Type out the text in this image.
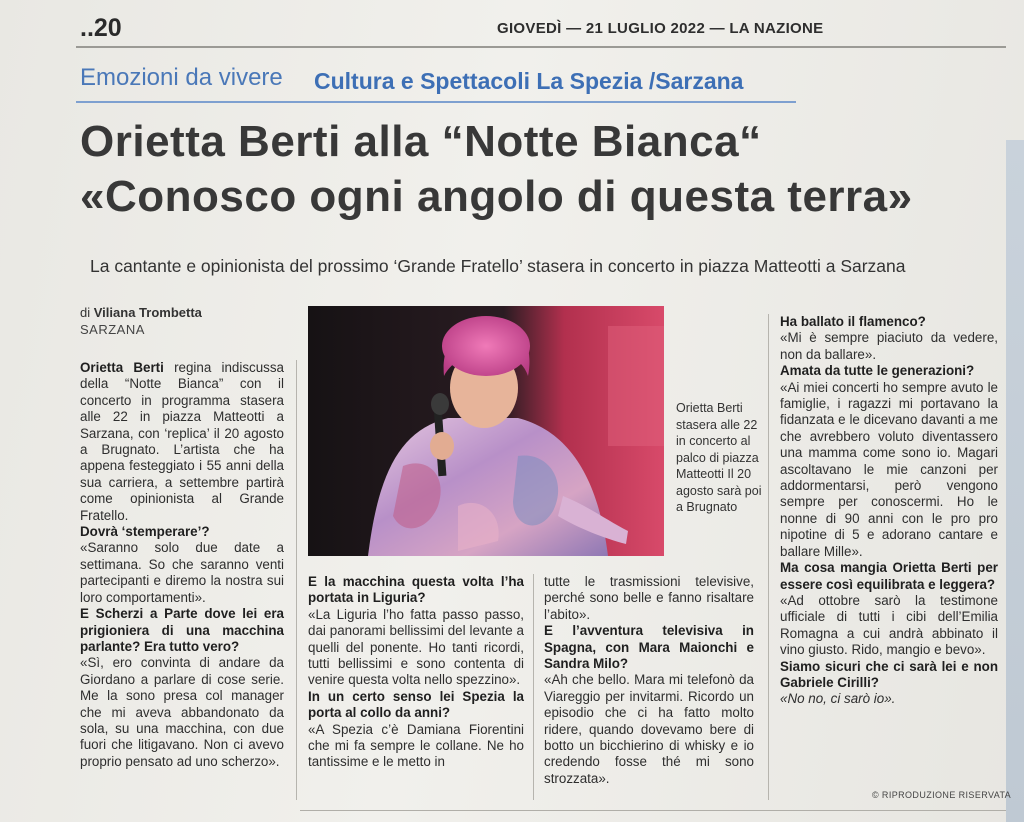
..20	GIOVEDÌ — 21 LUGLIO 2022 — LA NAZIONE
Emozioni da vivere Cultura e Spettacoli La Spezia /Sarzana
Orietta Berti alla “Notte Bianca“
«Conosco ogni angolo di questa terra»
La cantante e opinionista del prossimo ‘Grande Fratello’ stasera in concerto in piazza Matteotti a Sarzana
di Viliana Trombetta
SARZANA

Orietta Berti regina indiscussa della “Notte Bianca” con il concerto in programma stasera alle 22 in piazza Matteotti a Sarzana, con ‘replica’ il 20 agosto a Brugnato. L’artista che ha appena festeggiato i 55 anni della sua carriera, a settembre partirà come opinionista al Grande Fratello.

Dovrà ‘stemperare’?

«Saranno solo due date a settimana. So che saranno venti partecipanti e diremo la nostra sui loro comportamenti».

E Scherzi a Parte dove lei era prigioniera di una macchina parlante? Era tutto vero?

«Sì, ero convinta di andare da Giordano a parlare di cose serie. Me la sono presa col manager che mi aveva abbandonato da sola, su una macchina, con due fuori che litigavano. Non ci avevo proprio pensato ad uno scherzo».

Orietta Berti stasera alle 22 in concerto al palco di piazza Matteotti Il 20 agosto sarà poi a Brugnato

E la macchina questa volta l’ha portata in Liguria?

«La Liguria l’ho fatta passo passo, dai panorami bellissimi del levante a quelli del ponente. Ho tanti ricordi, tutti bellissimi e sono contenta di venire questa volta nello spezzino».

In un certo senso lei Spezia la porta al collo da anni?

«A Spezia c’è Damiana Fiorentini che mi fa sempre le collane. Ne ho tantissime e le metto in

tutte le trasmissioni televisive, perché sono belle e fanno risaltare l’abito».

E l’avventura televisiva in Spagna, con Mara Maionchi e Sandra Milo?

«Ah che bello. Mara mi telefonò da Viareggio per invitarmi. Ricordo un episodio che ci ha fatto molto ridere, quando dovevamo bere di botto un bicchierino di whisky e io credendo fosse thé mi sono strozzata».

Ha ballato il flamenco?

«Mi è sempre piaciuto da vedere, non da ballare».

Amata da tutte le generazioni?

«Ai miei concerti ho sempre avuto le famiglie, i ragazzi mi portavano la fidanzata e le dicevano davanti a me che avrebbero voluto diventassero una mamma come sono io. Magari ascoltavano le mie canzoni per addormentarsi, però vengono sempre per conoscermi. Ho le nonne di 90 anni con le pro pro nipotine di 5 e adorano cantare e ballare Mille».

Ma cosa mangia Orietta Berti per essere così equilibrata e leggera?

«Ad ottobre sarò la testimone ufficiale di tutti i cibi dell’Emilia Romagna a cui andrà abbinato il vino giusto. Rido, mangio e bevo».

Siamo sicuri che ci sarà lei e non Gabriele Cirilli?

«No no, ci sarò io».

© RIPRODUZIONE RISERVATA
